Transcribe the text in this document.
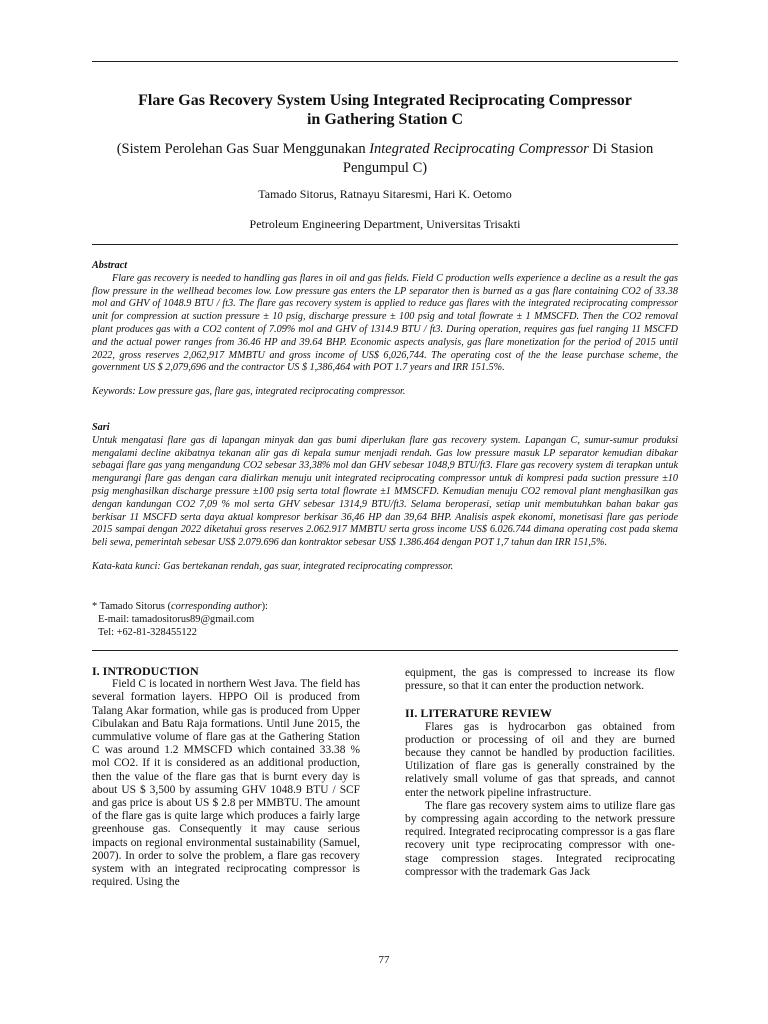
Flare Gas Recovery System Using Integrated Reciprocating Compressor
in Gathering Station C
(Sistem Perolehan Gas Suar Menggunakan Integrated Reciprocating Compressor Di Stasion Pengumpul C)
Tamado Sitorus, Ratnayu Sitaresmi, Hari K. Oetomo
Petroleum Engineering Department, Universitas Trisakti
Abstract
Flare gas recovery is needed to handling gas flares in oil and gas fields. Field C production wells experience a decline as a result the gas flow pressure in the wellhead becomes low. Low pressure gas enters the LP separator then is burned as a gas flare containing CO2 of 33.38 mol and GHV of 1048.9 BTU / ft3. The flare gas recovery system is applied to reduce gas flares with the integrated reciprocating compressor unit for compression at suction pressure ± 10 psig, discharge pressure ± 100 psig and total flowrate ± 1 MMSCFD. Then the CO2 removal plant produces gas with a CO2 content of 7.09% mol and GHV of 1314.9 BTU / ft3. During operation, requires gas fuel ranging 11 MSCFD and the actual power ranges from 36.46 HP and 39.64 BHP. Economic aspects analysis, gas flare monetization for the period of 2015 until 2022, gross reserves 2,062,917 MMBTU and gross income of US$ 6,026,744. The operating cost of the the lease purchase scheme, the government US $ 2,079,696 and the contractor US $ 1,386,464 with POT 1.7 years and IRR 151.5%.
Keywords: Low pressure gas, flare gas, integrated reciprocating compressor.
Sari
Untuk mengatasi flare gas di lapangan minyak dan gas bumi diperlukan flare gas recovery system. Lapangan C, sumur-sumur produksi mengalami decline akibatnya tekanan alir gas di kepala sumur menjadi rendah. Gas low pressure masuk LP separator kemudian dibakar sebagai flare gas yang mengandung CO2 sebesar 33,38% mol dan GHV sebesar 1048,9 BTU/ft3. Flare gas recovery system di terapkan untuk mengurangi flare gas dengan cara dialirkan menuju unit integrated reciprocating compressor untuk di kompresi pada suction pressure ±10 psig menghasilkan discharge pressure ±100 psig serta total flowrate ±1 MMSCFD. Kemudian menuju CO2 removal plant menghasilkan gas dengan kandungan CO2 7,09 % mol serta GHV sebesar 1314,9 BTU/ft3. Selama beroperasi, setiap unit membutuhkan bahan bakar gas berkisar 11 MSCFD serta daya aktual kompresor berkisar 36,46 HP dan 39,64 BHP. Analisis aspek ekonomi, monetisasi flare gas periode 2015 sampai dengan 2022 diketahui gross reserves 2.062.917 MMBTU serta gross income US$ 6.026.744 dimana operating cost pada skema beli sewa, pemerintah sebesar US$ 2.079.696 dan kontraktor sebesar US$ 1.386.464 dengan POT 1,7 tahun dan IRR 151,5%.
Kata-kata kunci: Gas bertekanan rendah, gas suar, integrated reciprocating compressor.
* Tamado Sitorus (corresponding author):
E-mail: tamadositorus89@gmail.com
Tel: +62-81-328455122
I. INTRODUCTION

Field C is located in northern West Java. The field has several formation layers. HPPO Oil is produced from Talang Akar formation, while gas is produced from Upper Cibulakan and Batu Raja formations. Until June 2015, the cummulative volume of flare gas at the Gathering Station C was around 1.2 MMSCFD which contained 33.38 % mol CO2. If it is considered as an additional production, then the value of the flare gas that is burnt every day is about US $ 3,500 by assuming GHV 1048.9 BTU / SCF and gas price is about US $ 2.8 per MMBTU. The amount of the flare gas is quite large which produces a fairly large greenhouse gas. Consequently it may cause serious impacts on regional environmental sustainability (Samuel, 2007). In order to solve the problem, a flare gas recovery system with an integrated reciprocating compressor is required. Using the

equipment, the gas is compressed to increase its flow pressure, so that it can enter the production network.

II. LITERATURE REVIEW

Flares gas is hydrocarbon gas obtained from production or processing of oil and they are burned because they cannot be handled by production facilities. Utilization of flare gas is generally constrained by the relatively small volume of gas that spreads, and cannot enter the network pipeline infrastructure.

The flare gas recovery system aims to utilize flare gas by compressing again according to the network pressure required. Integrated reciprocating compressor is a gas flare recovery unit type reciprocating compressor with one-stage compression stages. Integrated reciprocating compressor with the trademark Gas Jack

77
